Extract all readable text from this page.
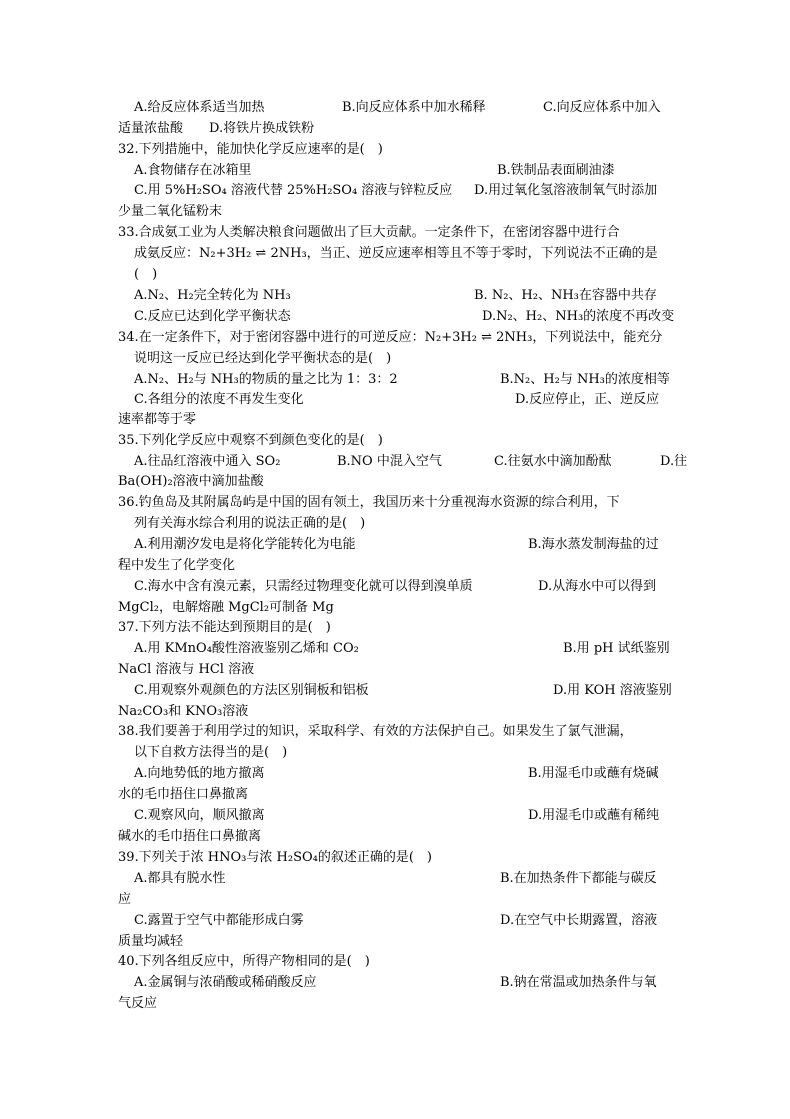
A.给反应体系适当加热	B.向反应体系中加水稀释	C.向反应体系中加入
适量浓盐酸　　D.将铁片换成铁粉
32.下列措施中，能加快化学反应速率的是(　)
A.食物储存在冰箱里	B.铁制品表面刷油漆
C.用 5%H₂SO₄ 溶液代替 25%H₂SO₄ 溶液与锌粒反应 D.用过氧化氢溶液制氧气时添加
少量二氧化锰粉末
33.合成氨工业为人类解决粮食问题做出了巨大贡献。一定条件下，在密闭容器中进行合
成氨反应：N₂+3H₂ ⇌ 2NH₃，当正、逆反应速率相等且不等于零时，下列说法不正确的是
(　)
A.N₂、H₂完全转化为 NH₃	B. N₂、H₂、NH₃在容器中共存
C.反应已达到化学平衡状态	D.N₂、H₂、NH₃的浓度不再改变
34.在一定条件下，对于密闭容器中进行的可逆反应：N₂+3H₂ ⇌ 2NH₃，下列说法中，能充分
说明这一反应已经达到化学平衡状态的是(　)
A.N₂、H₂与 NH₃的物质的量之比为 1：3：2	B.N₂、H₂与 NH₃的浓度相等
C.各组分的浓度不再发生变化	D.反应停止，正、逆反应
速率都等于零
35.下列化学反应中观察不到颜色变化的是(　)
A.往品红溶液中通入 SO₂	B.NO 中混入空气	C.往氨水中滴加酚酞	D.往
Ba(OH)₂溶液中滴加盐酸
36.钓鱼岛及其附属岛屿是中国的固有领土，我国历来十分重视海水资源的综合利用，下
列有关海水综合利用的说法正确的是(　)
A.利用潮汐发电是将化学能转化为电能	B.海水蒸发制海盐的过
程中发生了化学变化
C.海水中含有溴元素，只需经过物理变化就可以得到溴单质	D.从海水中可以得到
MgCl₂，电解熔融 MgCl₂可制备 Mg
37.下列方法不能达到预期目的是(　)
A.用 KMnO₄酸性溶液鉴别乙烯和 CO₂	B.用 pH 试纸鉴别
NaCl 溶液与 HCl 溶液
C.用观察外观颜色的方法区别铜板和铝板	D.用 KOH 溶液鉴别
Na₂CO₃和 KNO₃溶液
38.我们要善于利用学过的知识，采取科学、有效的方法保护自己。如果发生了氯气泄漏，
以下自救方法得当的是(　)
A.向地势低的地方撤离	B.用湿毛巾或蘸有烧碱
水的毛巾捂住口鼻撤离
C.观察风向，顺风撤离	D.用湿毛巾或蘸有稀纯
碱水的毛巾捂住口鼻撤离
39.下列关于浓 HNO₃与浓 H₂SO₄的叙述正确的是(　)
A.都具有脱水性	B.在加热条件下都能与碳反
应
C.露置于空气中都能形成白雾	D.在空气中长期露置，溶液
质量均减轻
40.下列各组反应中，所得产物相同的是(　)
A.金属铜与浓硝酸或稀硝酸反应	B.钠在常温或加热条件与氧
气反应
